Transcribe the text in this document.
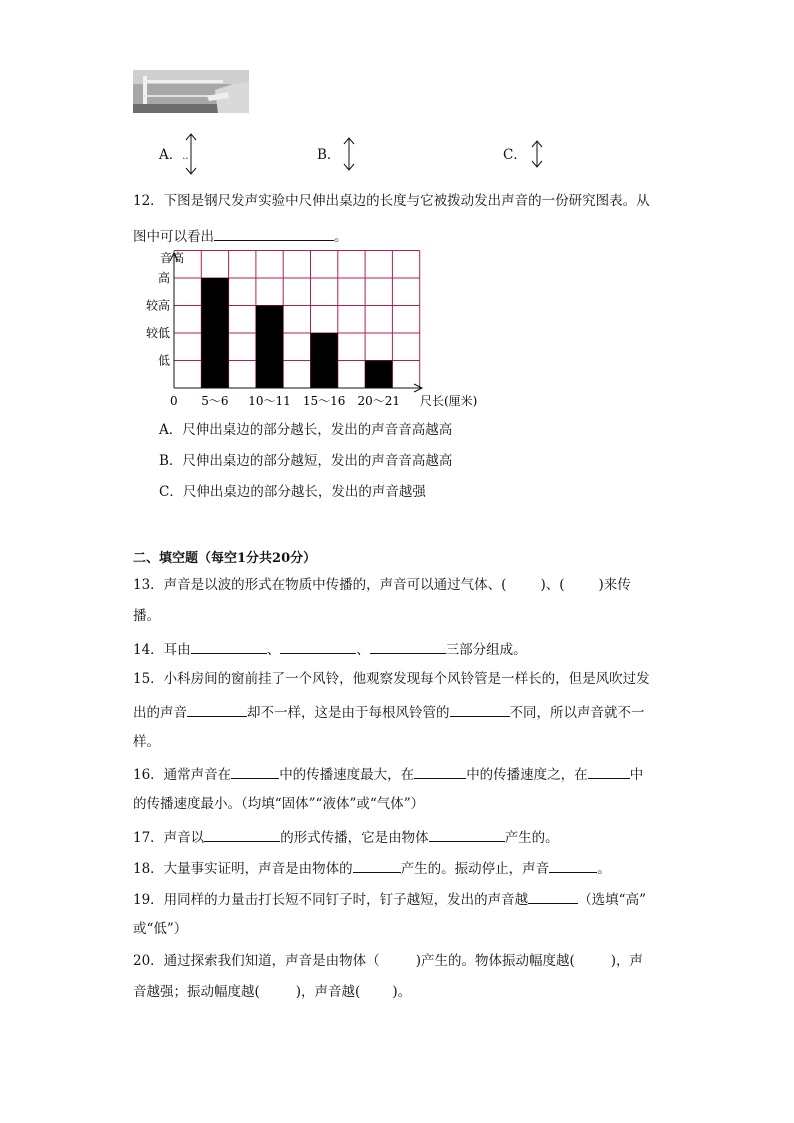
A．..	B．	C．
12．下图是钢尺发声实验中尺伸出桌边的长度与它被拨动发出声音的一份研究图表。从
图中可以看出	。
音高
尺长(厘米)
0
低
较低
较高
高
5～6 10～11 15～16 20～21
A．尺伸出桌边的部分越长，发出的声音音高越高
B．尺伸出桌边的部分越短，发出的声音音高越高
C．尺伸出桌边的部分越长，发出的声音越强
二、填空题（每空1分共20分）
13．声音是以波的形式在物质中传播的，声音可以通过气体、(	)、(	)来传
播。
14．耳由	、	、	三部分组成。
15．小科房间的窗前挂了一个风铃，他观察发现每个风铃管是一样长的，但是风吹过发
出的声音	却不一样，这是由于每根风铃管的	不同，所以声音就不一
样。
16．通常声音在	中的传播速度最大，在	中的传播速度之，在	中
的传播速度最小。（均填“固体”“液体”或“气体”）
17．声音以	的形式传播，它是由物体	产生的。
18．大量事实证明，声音是由物体的	产生的。振动停止，声音	。
19．用同样的力量击打长短不同钉子时，钉子越短，发出的声音越	（选填“高”
或“低”）
20．通过探索我们知道，声音是由物体（	)产生的。物体振动幅度越(	)，声
音越强；振动幅度越(	)，声音越( )。
